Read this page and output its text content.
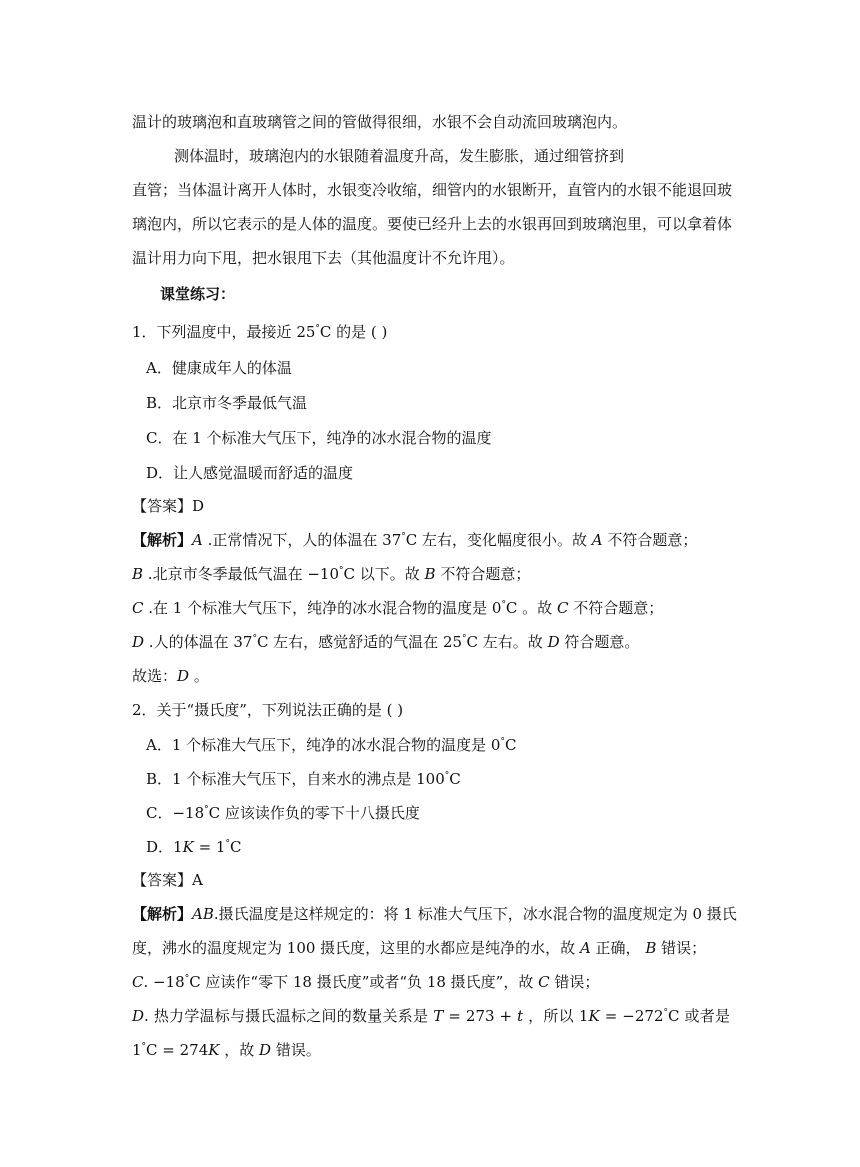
温计的玻璃泡和直玻璃管之间的管做得很细，水银不会自动流回玻璃泡内。
测体温时，玻璃泡内的水银随着温度升高，发生膨胀，通过细管挤到
直管；当体温计离开人体时，水银变冷收缩，细管内的水银断开，直管内的水银不能退回玻
璃泡内，所以它表示的是人体的温度。要使已经升上去的水银再回到玻璃泡里，可以拿着体
温计用力向下甩，把水银甩下去（其他温度计不允许甩）。
课堂练习：
1．下列温度中，最接近 25°C 的是 ( )
A．健康成年人的体温
B．北京市冬季最低气温
C．在 1 个标准大气压下，纯净的冰水混合物的温度
D．让人感觉温暖而舒适的温度
【答案】D
【解析】A .正常情况下，人的体温在 37°C 左右，变化幅度很小。故 A 不符合题意；
B .北京市冬季最低气温在 −10°C 以下。故 B 不符合题意；
C .在 1 个标准大气压下，纯净的冰水混合物的温度是 0°C 。故 C 不符合题意；
D .人的体温在 37°C 左右，感觉舒适的气温在 25°C 左右。故 D 符合题意。
故选：D 。
2．关于“摄氏度”，下列说法正确的是 ( )
A．1 个标准大气压下，纯净的冰水混合物的温度是 0°C
B．1 个标准大气压下，自来水的沸点是 100°C
C．−18°C 应该读作负的零下十八摄氏度
D．1K = 1°C
【答案】A
【解析】AB.摄氏温度是这样规定的：将 1 标准大气压下，冰水混合物的温度规定为 0 摄氏
度，沸水的温度规定为 100 摄氏度，这里的水都应是纯净的水，故 A 正确， B 错误；
C. −18°C 应读作“零下 18 摄氏度”或者“负 18 摄氏度”，故 C 错误；
D. 热力学温标与摄氏温标之间的数量关系是 T = 273 + t ，所以 1K = −272°C 或者是
1°C = 274K ，故 D 错误。
